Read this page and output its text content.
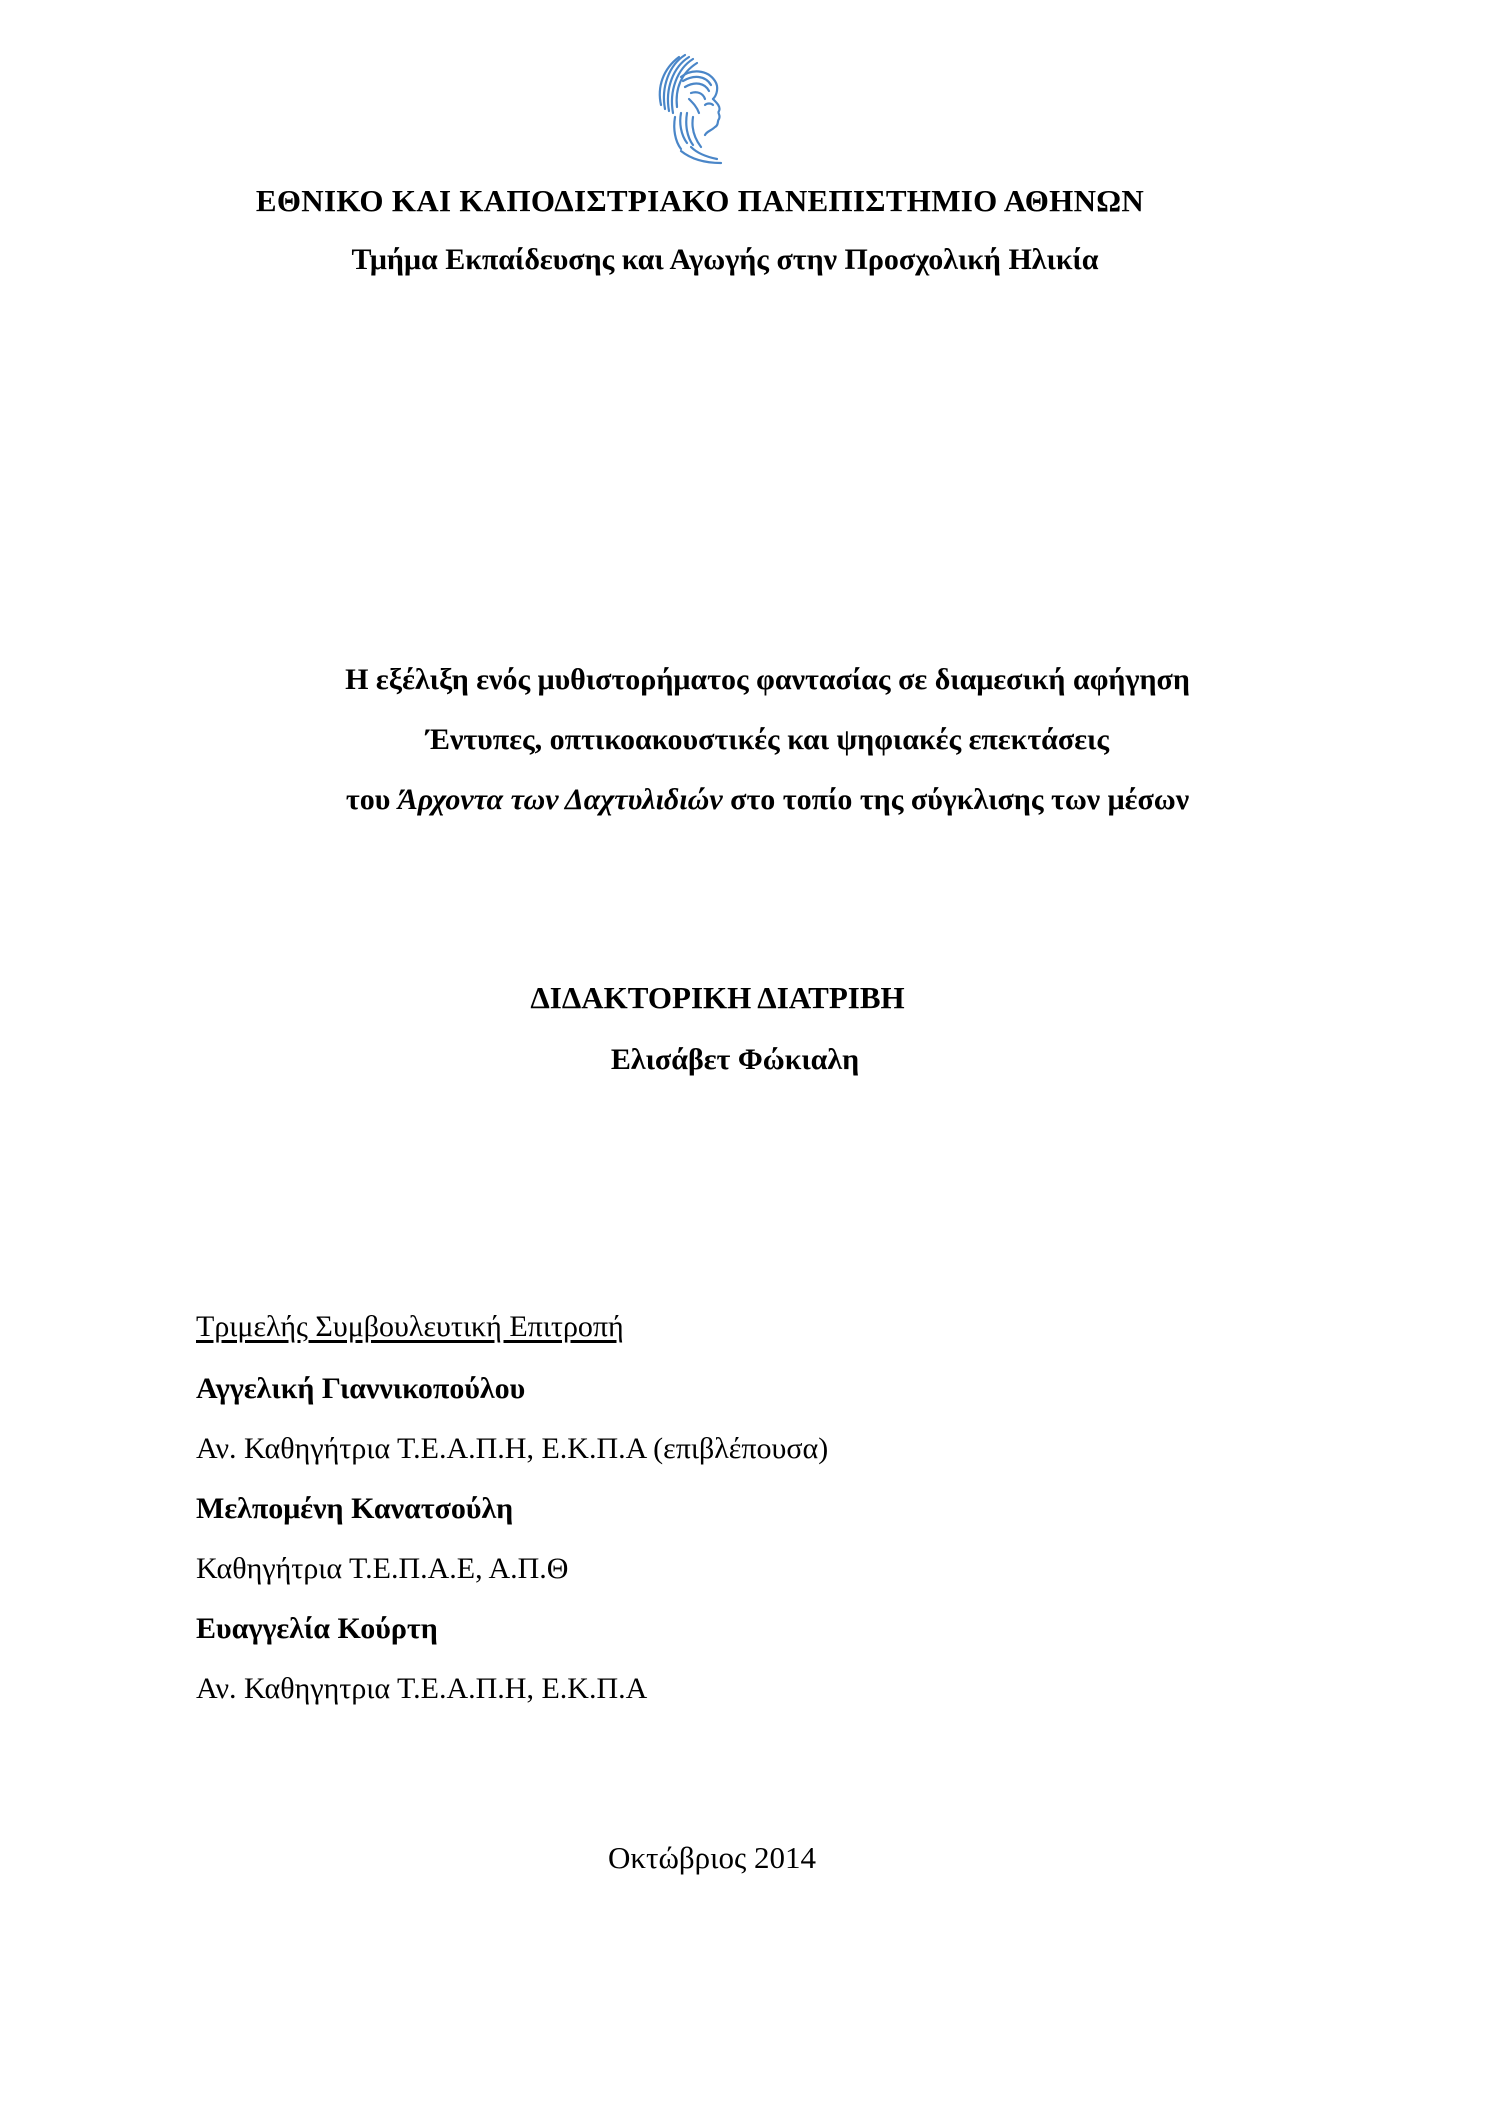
ΕΘΝΙΚΟ ΚΑΙ ΚΑΠΟΔΙΣΤΡΙΑΚΟ ΠΑΝΕΠΙΣΤΗΜΙΟ ΑΘΗΝΩΝ
Τμήμα Εκπαίδευσης και Αγωγής στην Προσχολική Ηλικία
Η εξέλιξη ενός μυθιστορήματος φαντασίας σε διαμεσική αφήγηση
Έντυπες, οπτικοακουστικές και ψηφιακές επεκτάσεις
του Άρχοντα των Δαχτυλιδιών στο τοπίο της σύγκλισης των μέσων
ΔΙΔΑΚΤΟΡΙΚΗ ΔΙΑΤΡΙΒΗ
Ελισάβετ Φώκιαλη
Τριμελής Συμβουλευτική Επιτροπή
Αγγελική Γιαννικοπούλου
Αν. Καθηγήτρια Τ.Ε.Α.Π.Η, Ε.Κ.Π.Α (επιβλέπουσα)
Μελπομένη Κανατσούλη
Καθηγήτρια Τ.Ε.Π.Α.Ε, Α.Π.Θ
Ευαγγελία Κούρτη
Αν. Καθηγητρια Τ.Ε.Α.Π.Η, Ε.Κ.Π.Α
Οκτώβριος 2014
